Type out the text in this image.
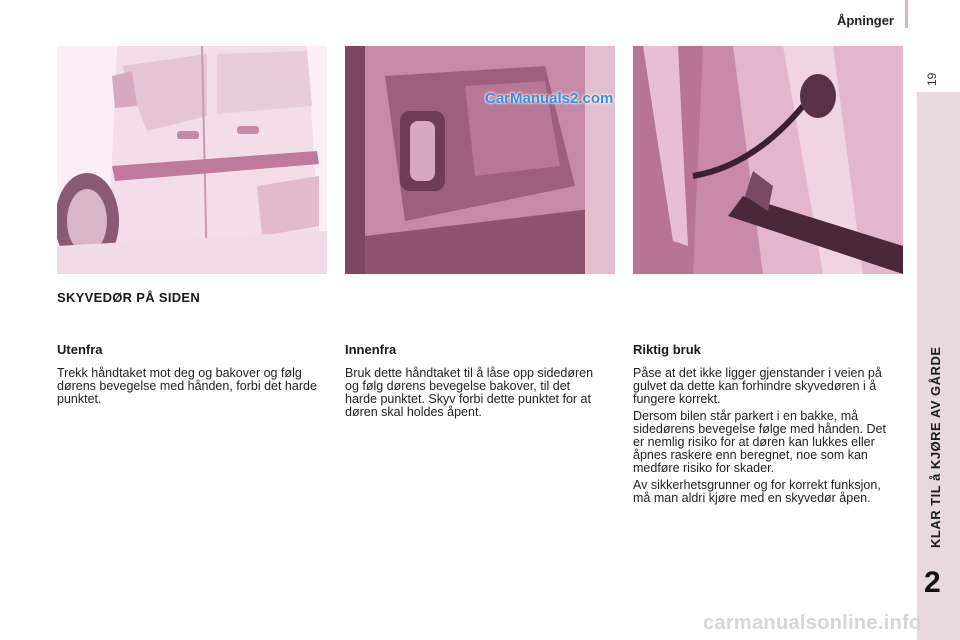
Åpninger
19
KLAR TIL å KJØRE AV GÅRDE
2
CarManuals2.com
SKYVEDØR PÅ SIDEN
Utenfra

Trekk håndtaket mot deg og bakover og følg dørens bevegelse med hånden, forbi det harde punktet.

Innenfra

Bruk dette håndtaket til å låse opp sidedøren og følg dørens bevegelse bakover, til det harde punktet. Skyv forbi dette punktet for at døren skal holdes åpent.

Riktig bruk

Påse at det ikke ligger gjenstander i veien på gulvet da dette kan forhindre skyvedøren i å fungere korrekt.

Dersom bilen står parkert i en bakke, må sidedørens bevegelse følge med hånden. Det er nemlig risiko for at døren kan lukkes eller åpnes raskere enn beregnet, noe som kan medføre risiko for skader.

Av sikkerhetsgrunner og for korrekt funksjon, må man aldri kjøre med en skyvedør åpen.

carmanualsonline.info
